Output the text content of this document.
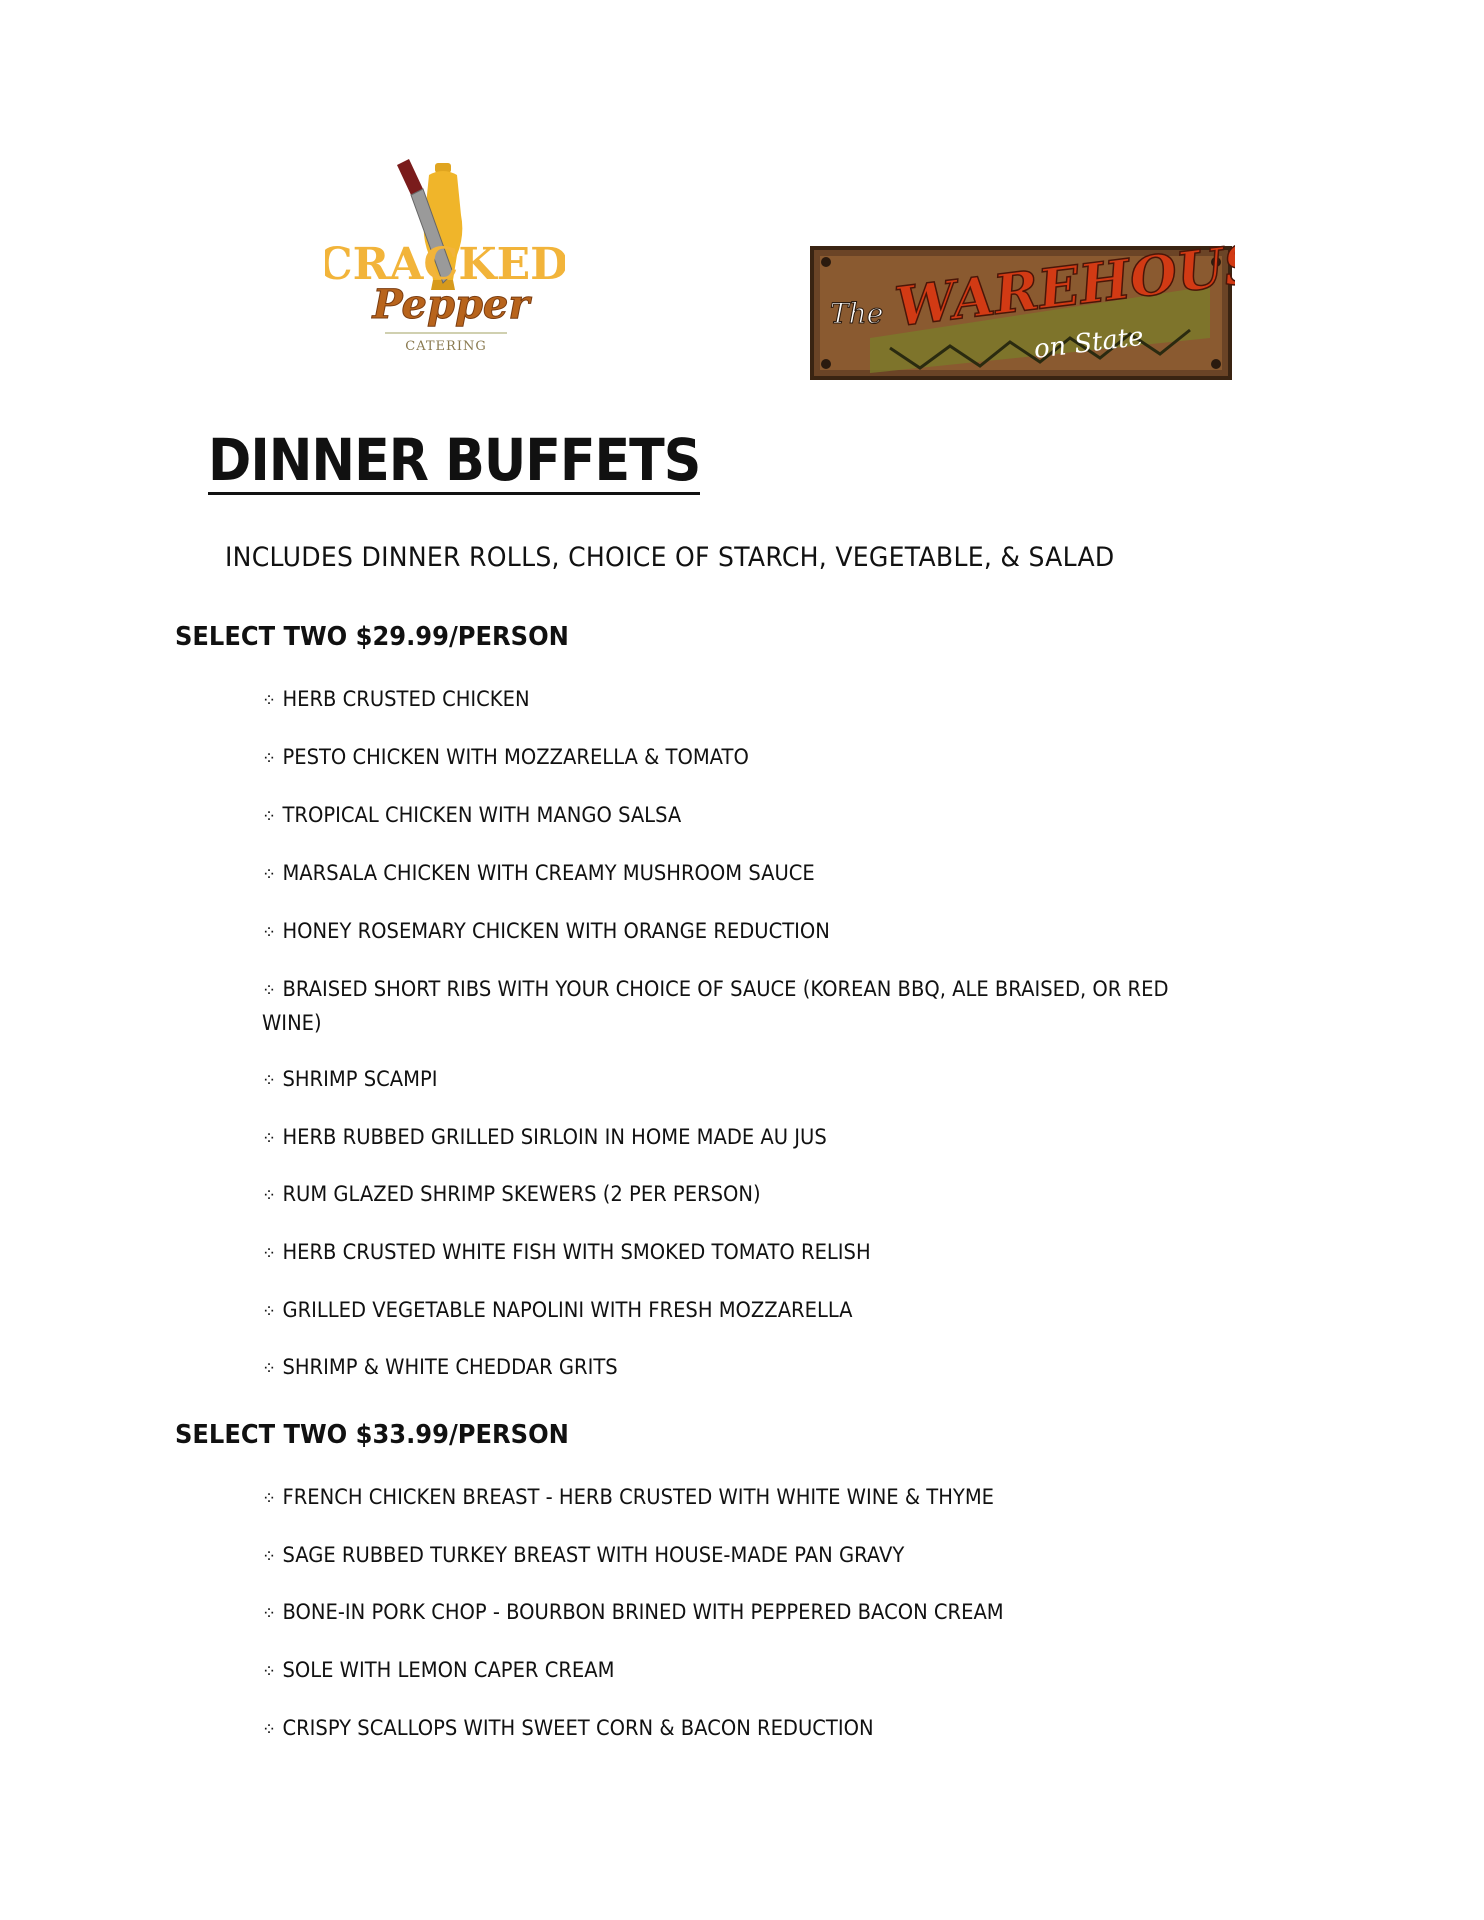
CRACKED
Pepper
CATERING
The WAREHOUSE
on State
DINNER BUFFETS
INCLUDES DINNER ROLLS, CHOICE OF STARCH, VEGETABLE, & SALAD
SELECT TWO $29.99/PERSON
⁘ HERB CRUSTED CHICKEN
⁘ PESTO CHICKEN WITH MOZZARELLA & TOMATO
⁘ TROPICAL CHICKEN WITH MANGO SALSA
⁘ MARSALA CHICKEN WITH CREAMY MUSHROOM SAUCE
⁘ HONEY ROSEMARY CHICKEN WITH ORANGE REDUCTION
⁘ BRAISED SHORT RIBS WITH YOUR CHOICE OF SAUCE (KOREAN BBQ, ALE BRAISED, OR RED WINE)
⁘ SHRIMP SCAMPI
⁘ HERB RUBBED GRILLED SIRLOIN IN HOME MADE AU JUS
⁘ RUM GLAZED SHRIMP SKEWERS (2 PER PERSON)
⁘ HERB CRUSTED WHITE FISH WITH SMOKED TOMATO RELISH
⁘ GRILLED VEGETABLE NAPOLINI WITH FRESH MOZZARELLA
⁘ SHRIMP & WHITE CHEDDAR GRITS
SELECT TWO $33.99/PERSON
⁘ FRENCH CHICKEN BREAST - HERB CRUSTED WITH WHITE WINE & THYME
⁘ SAGE RUBBED TURKEY BREAST WITH HOUSE-MADE PAN GRAVY
⁘ BONE-IN PORK CHOP - BOURBON BRINED WITH PEPPERED BACON CREAM
⁘ SOLE WITH LEMON CAPER CREAM
⁘ CRISPY SCALLOPS WITH SWEET CORN & BACON REDUCTION
